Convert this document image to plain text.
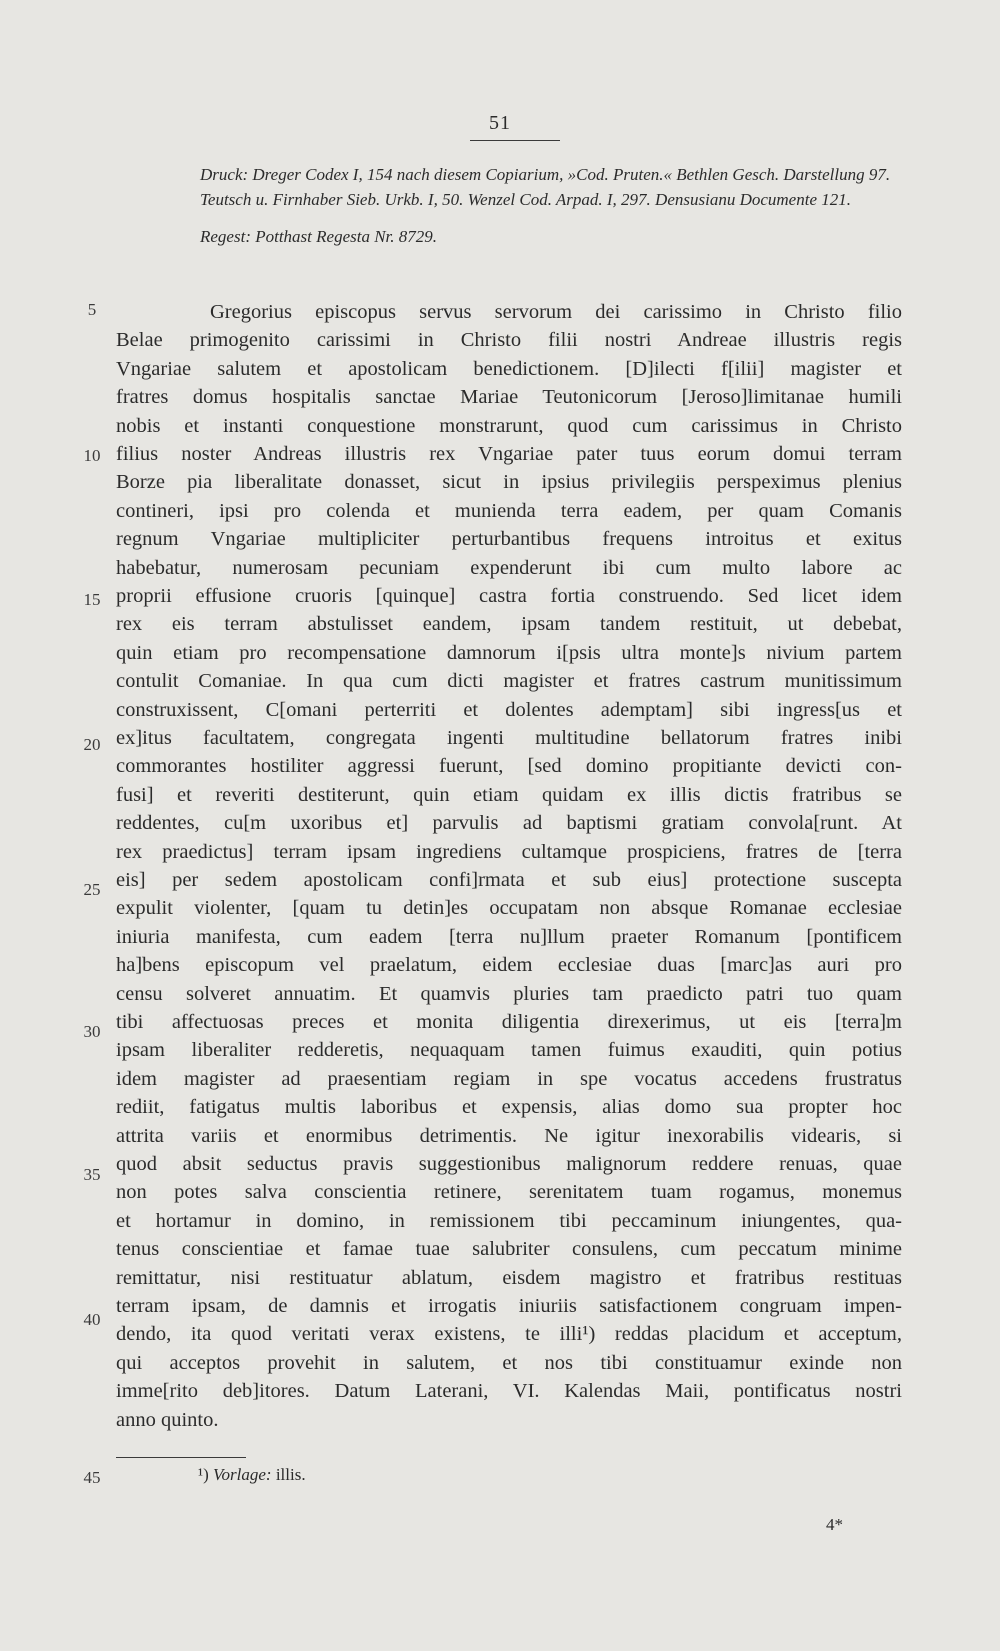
51

Druck: Dreger Codex I, 154 nach diesem Copiarium, »Cod. Pruten.« Bethlen Gesch. Darstellung 97. Teutsch u. Firnhaber Sieb. Urkb. I, 50. Wenzel Cod. Arpad. I, 297. Densusianu Documente 121.

Regest: Potthast Regesta Nr. 8729.

5
10
15
20
25
30
35
40
45
Gregorius episcopus servus servorum dei carissimo in Christo filio
Belae primogenito carissimi in Christo filii nostri Andreae illustris regis
Vngariae salutem et apostolicam benedictionem. [D]ilecti f[ilii] magister et
fratres domus hospitalis sanctae Mariae Teutonicorum [Jeroso]limitanae humili
nobis et instanti conquestione monstrarunt, quod cum carissimus in Christo
filius noster Andreas illustris rex Vngariae pater tuus eorum domui terram
Borze pia liberalitate donasset, sicut in ipsius privilegiis perspeximus plenius
contineri, ipsi pro colenda et munienda terra eadem, per quam Comanis
regnum Vngariae multipliciter perturbantibus frequens introitus et exitus
habebatur, numerosam pecuniam expenderunt ibi cum multo labore ac
proprii effusione cruoris [quinque] castra fortia construendo. Sed licet idem
rex eis terram abstulisset eandem, ipsam tandem restituit, ut debebat,
quin etiam pro recompensatione damnorum i[psis ultra monte]s nivium partem
contulit Comaniae. In qua cum dicti magister et fratres castrum munitissimum
construxissent, C[omani perterriti et dolentes ademptam] sibi ingress[us et
ex]itus facultatem, congregata ingenti multitudine bellatorum fratres inibi
commorantes hostiliter aggressi fuerunt, [sed domino propitiante devicti con-
fusi] et reveriti destiterunt, quin etiam quidam ex illis dictis fratribus se
reddentes, cu[m uxoribus et] parvulis ad baptismi gratiam convola[runt. At
rex praedictus] terram ipsam ingrediens cultamque prospiciens, fratres de [terra
eis] per sedem apostolicam confi]rmata et sub eius] protectione suscepta
expulit violenter, [quam tu detin]es occupatam non absque Romanae ecclesiae
iniuria manifesta, cum eadem [terra nu]llum praeter Romanum [pontificem
ha]bens episcopum vel praelatum, eidem ecclesiae duas [marc]as auri pro
censu solveret annuatim. Et quamvis pluries tam praedicto patri tuo quam
tibi affectuosas preces et monita diligentia direxerimus, ut eis [terra]m
ipsam liberaliter redderetis, nequaquam tamen fuimus exauditi, quin potius
idem magister ad praesentiam regiam in spe vocatus accedens frustratus
rediit, fatigatus multis laboribus et expensis, alias domo sua propter hoc
attrita variis et enormibus detrimentis. Ne igitur inexorabilis videaris, si
quod absit seductus pravis suggestionibus malignorum reddere renuas, quae
non potes salva conscientia retinere, serenitatem tuam rogamus, monemus
et hortamur in domino, in remissionem tibi peccaminum iniungentes, qua-
tenus conscientiae et famae tuae salubriter consulens, cum peccatum minime
remittatur, nisi restituatur ablatum, eisdem magistro et fratribus restituas
terram ipsam, de damnis et irrogatis iniuriis satisfactionem congruam impen-
dendo, ita quod veritati verax existens, te illi¹) reddas placidum et acceptum,
qui acceptos provehit in salutem, et nos tibi constituamur exinde non
imme[rito deb]itores. Datum Laterani, VI. Kalendas Maii, pontificatus nostri
anno quinto.
¹) Vorlage: illis.
4*
